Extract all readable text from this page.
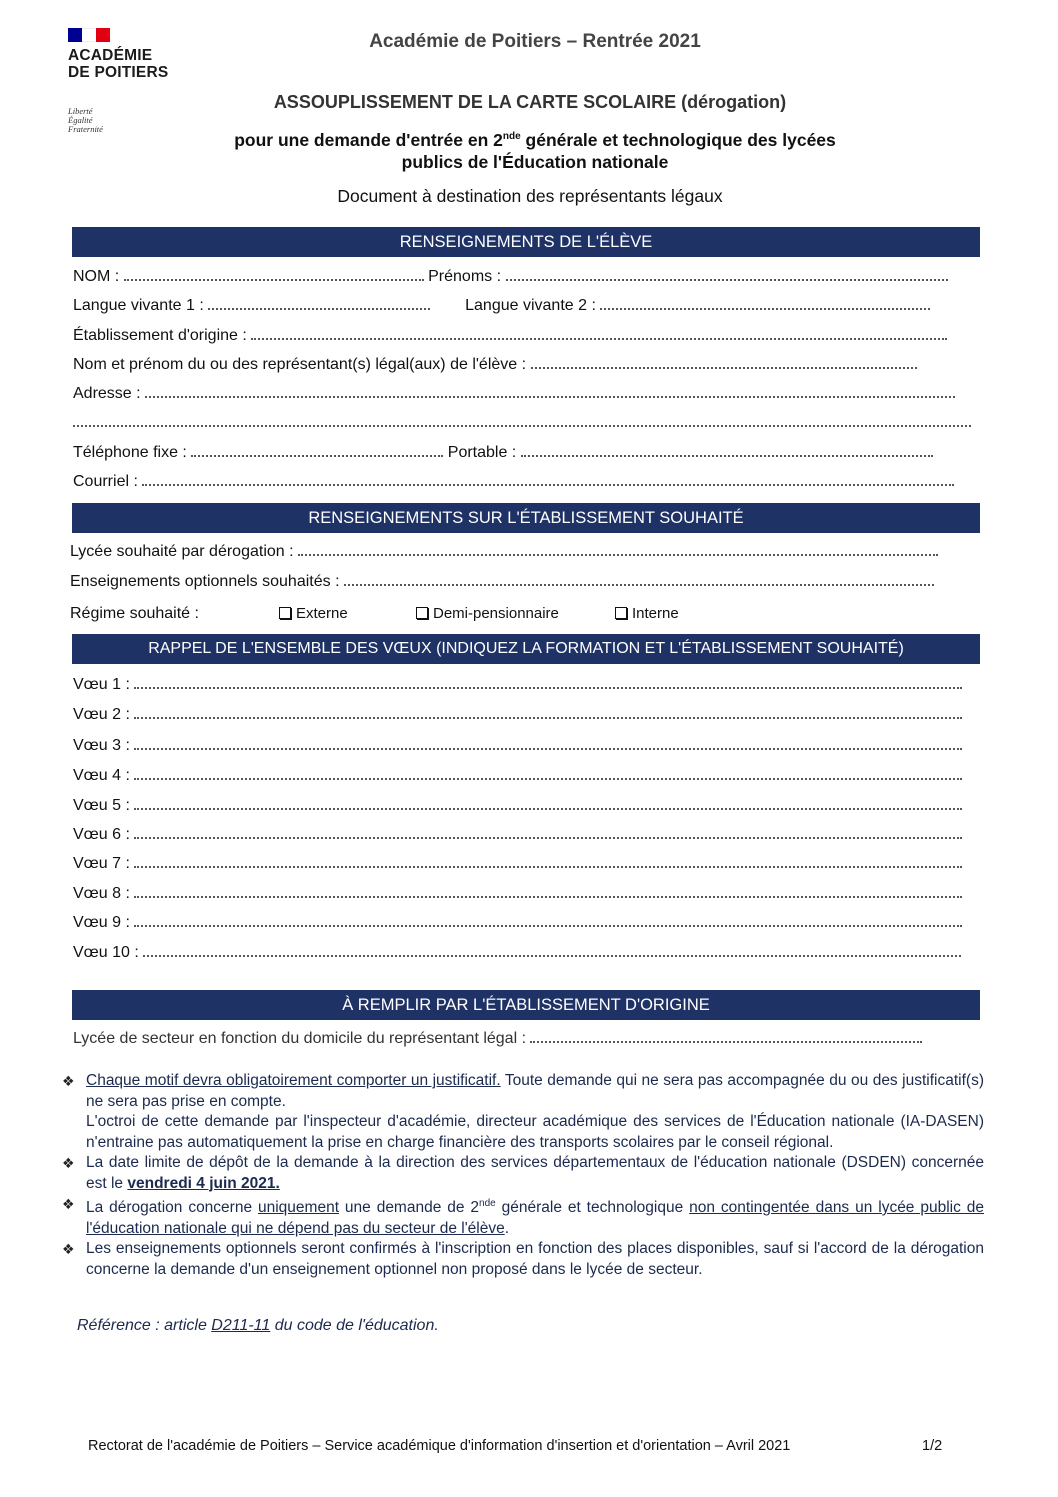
ACADÉMIE
DE POITIERS
Liberté
Égalité
Fraternité
Académie de Poitiers – Rentrée 2021
ASSOUPLISSEMENT DE LA CARTE SCOLAIRE (dérogation)
pour une demande d'entrée en 2nde générale et technologique des lycées
publics de l'Éducation nationale
Document à destination des représentants légaux
RENSEIGNEMENTS DE L'ÉLÈVE
NOM :	Prénoms :
Langue vivante 1 :	Langue vivante 2 :
Établissement d'origine :
Nom et prénom du ou des représentant(s) légal(aux) de l'élève :
Adresse :
Téléphone fixe :	Portable :
Courriel :
RENSEIGNEMENTS SUR L'ÉTABLISSEMENT SOUHAITÉ
Lycée souhaité par dérogation :
Enseignements optionnels souhaités :
Régime souhaité :	Externe	Demi-pensionnaire	Interne
RAPPEL DE L'ENSEMBLE DES VŒUX (INDIQUEZ LA FORMATION ET L'ÉTABLISSEMENT SOUHAITÉ)
Vœu 1 :
Vœu 2 :
Vœu 3 :
Vœu 4 :
Vœu 5 :
Vœu 6 :
Vœu 7 :
Vœu 8 :
Vœu 9 :
Vœu 10 :
À REMPLIR PAR L'ÉTABLISSEMENT D'ORIGINE
Lycée de secteur en fonction du domicile du représentant légal :
❖ Chaque motif devra obligatoirement comporter un justificatif. Toute demande qui ne sera pas accompagnée du ou des justificatif(s) ne sera pas prise en compte.
L'octroi de cette demande par l'inspecteur d'académie, directeur académique des services de l'Éducation nationale (IA-DASEN) n'entraine pas automatiquement la prise en charge financière des transports scolaires par le conseil régional.
❖ La date limite de dépôt de la demande à la direction des services départementaux de l'éducation nationale (DSDEN) concernée est le vendredi 4 juin 2021.
❖ La dérogation concerne uniquement une demande de 2nde générale et technologique non contingentée dans un lycée public de l'éducation nationale qui ne dépend pas du secteur de l'élève.
❖ Les enseignements optionnels seront confirmés à l'inscription en fonction des places disponibles, sauf si l'accord de la dérogation concerne la demande d'un enseignement optionnel non proposé dans le lycée de secteur.
Référence : article D211-11 du code de l'éducation.
Rectorat de l'académie de Poitiers – Service académique d'information d'insertion et d'orientation – Avril 2021	1/2
